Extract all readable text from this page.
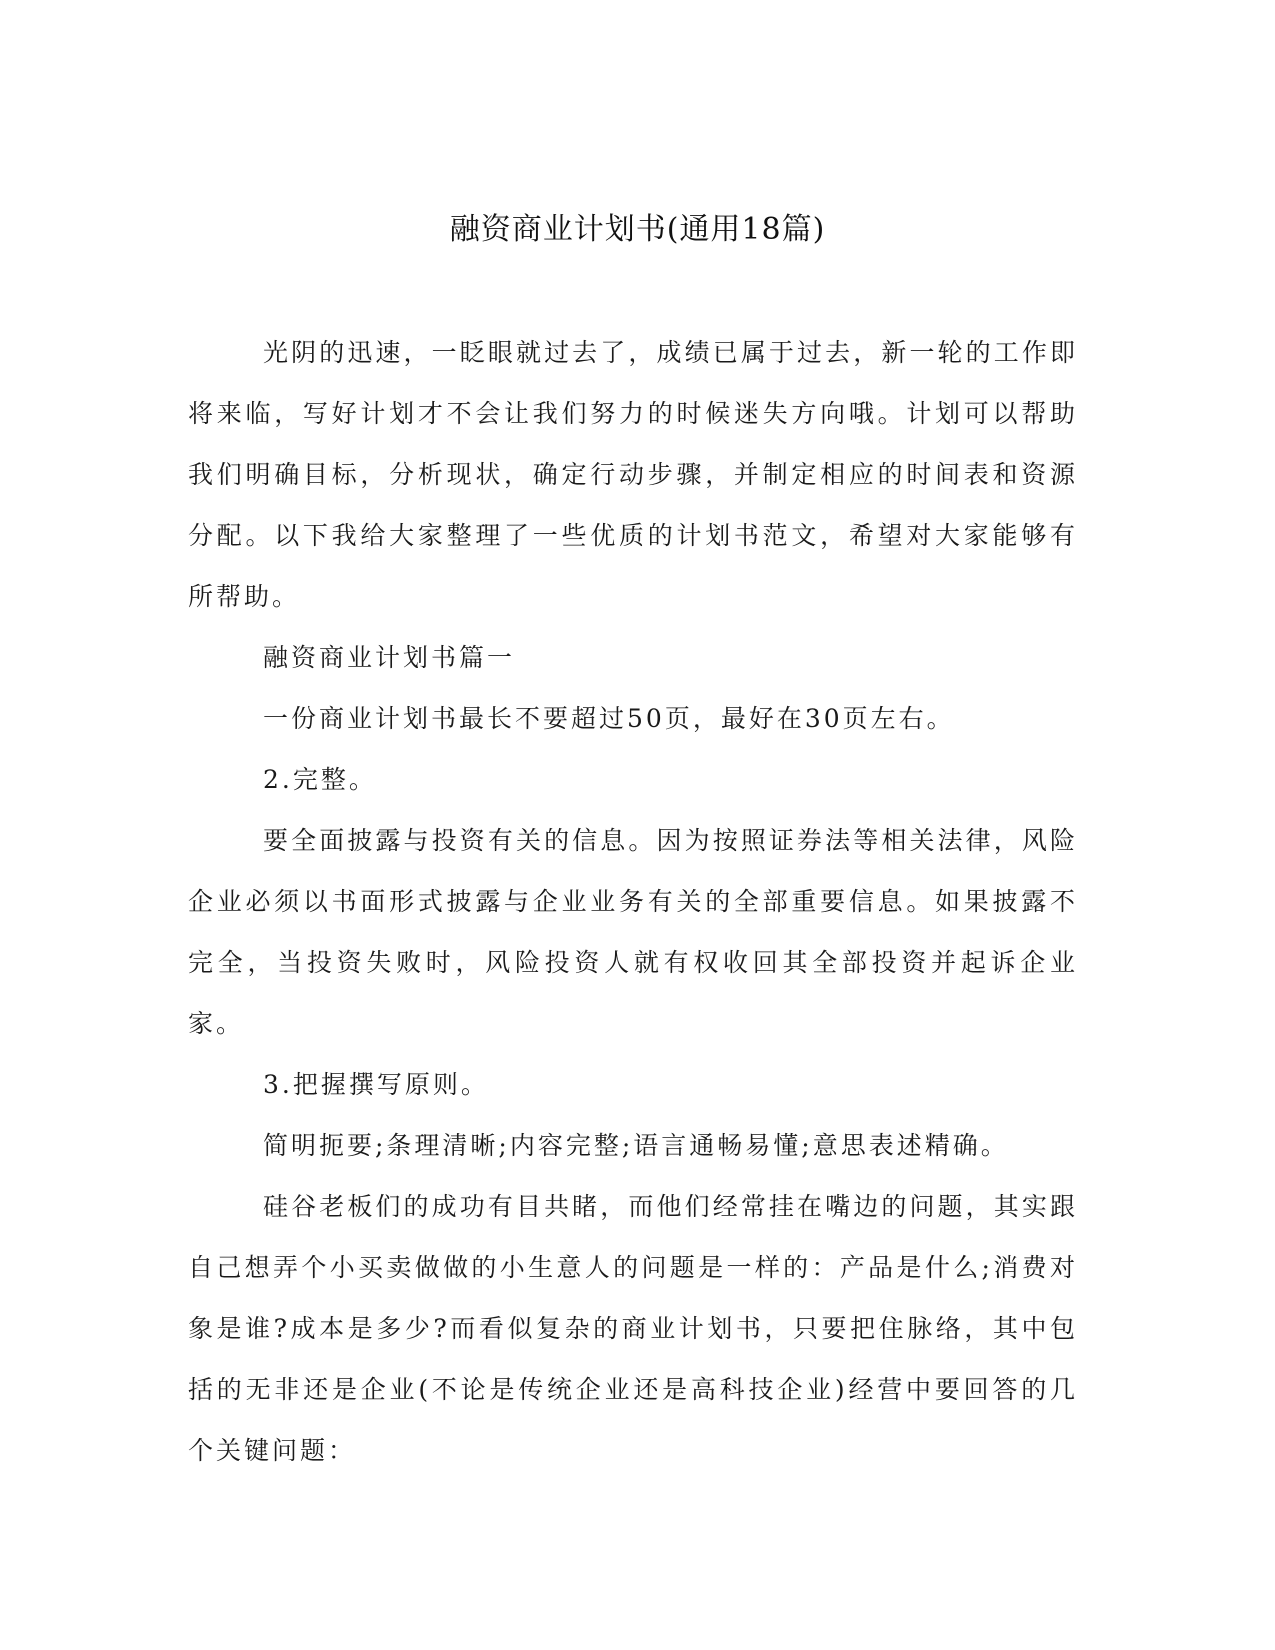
融资商业计划书(通用18篇)

光阴的迅速，一眨眼就过去了，成绩已属于过去，新一轮的工作即将来临，写好计划才不会让我们努力的时候迷失方向哦。计划可以帮助我们明确目标，分析现状，确定行动步骤，并制定相应的时间表和资源分配。以下我给大家整理了一些优质的计划书范文，希望对大家能够有所帮助。

融资商业计划书篇一

一份商业计划书最长不要超过50页，最好在30页左右。

2.完整。

要全面披露与投资有关的信息。因为按照证券法等相关法律，风险企业必须以书面形式披露与企业业务有关的全部重要信息。如果披露不完全，当投资失败时，风险投资人就有权收回其全部投资并起诉企业家。

3.把握撰写原则。

简明扼要;条理清晰;内容完整;语言通畅易懂;意思表述精确。

硅谷老板们的成功有目共睹，而他们经常挂在嘴边的问题，其实跟自己想弄个小买卖做做的小生意人的问题是一样的：产品是什么;消费对象是谁?成本是多少?而看似复杂的商业计划书，只要把住脉络，其中包括的无非还是企业(不论是传统企业还是高科技企业)经营中要回答的几个关键问题：
